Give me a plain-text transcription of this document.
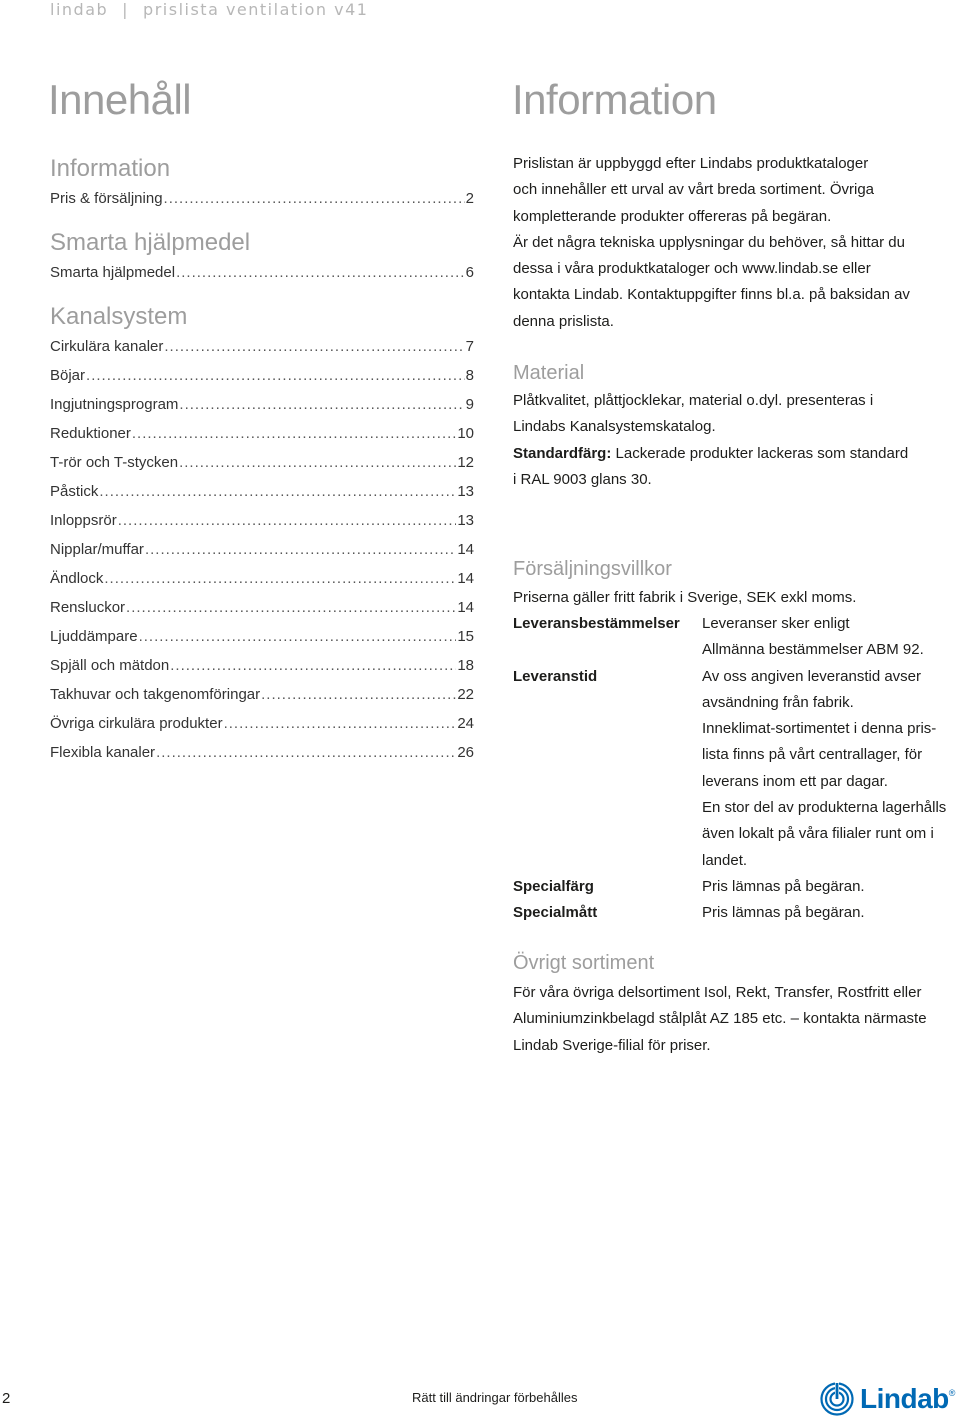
lindab | prislista ventilation v41
Innehåll	Information
Information
Pris & försäljning .....	2
Smarta hjälpmedel
Smarta hjälpmedel .....	6
Kanalsystem
Cirkulära kanaler .....	7
Böjar .....	8
Ingjutningsprogram .....	9
Reduktioner .....	10
T-rör och T-stycken .....	12
Påstick .....	13
Inloppsrör .....	13
Nipplar/muffar .....	14
Ändlock .....	14
Rensluckor .....	14
Ljuddämpare .....	15
Spjäll och mätdon .....	18
Takhuvar och takgenomföringar .....	22
Övriga cirkulära produkter .....	24
Flexibla kanaler .....	26
Prislistan är uppbyggd efter Lindabs produktkataloger
och innehåller ett urval av vårt breda sortiment. Övriga
kompletterande produkter offereras på begäran.
Är det några tekniska upplysningar du behöver, så hittar du
dessa i våra produktkataloger och www.lindab.se eller
kontakta Lindab. Kontaktuppgifter finns bl.a. på baksidan av
denna prislista.
Material
Plåtkvalitet, plåttjocklekar, material o.dyl. presenteras i
Lindabs Kanalsystemskatalog.
Standardfärg: Lackerade produkter lackeras som standard
i RAL 9003 glans 30.
Försäljningsvillkor
Priserna gäller fritt fabrik i Sverige, SEK exkl moms.
Leveransbestämmelser	Leveranser sker enligt
Allmänna bestämmelser ABM 92.
Leveranstid	Av oss angiven leveranstid avser
avsändning från fabrik.
Inneklimat-sortimentet i denna pris-
lista finns på vårt centrallager, för
leverans inom ett par dagar.
En stor del av produkterna lagerhålls
även lokalt på våra filialer runt om i
landet.
Specialfärg	Pris lämnas på begäran.
Specialmått	Pris lämnas på begäran.
Övrigt sortiment
För våra övriga delsortiment Isol, Rekt, Transfer, Rostfritt eller
Aluminiumzinkbelagd stålplåt AZ 185 etc. – kontakta närmaste
Lindab Sverige-filial för priser.
2	Rätt till ändringar förbehålles	Lindab ®
